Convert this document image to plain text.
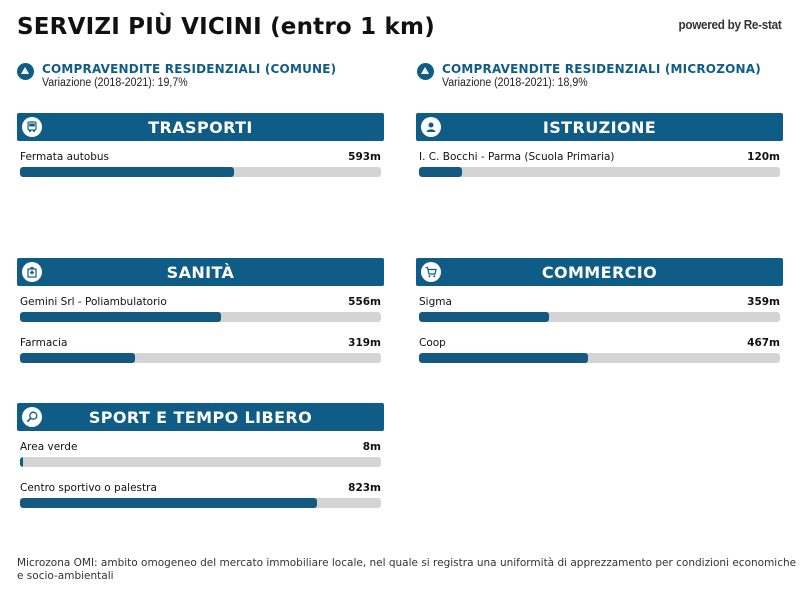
SERVIZI PIÙ VICINI (entro 1 km)	powered by Re-stat
COMPRAVENDITE RESIDENZIALI (COMUNE)
Variazione (2018-2021): 19,7%
COMPRAVENDITE RESIDENZIALI (MICROZONA)
Variazione (2018-2021): 18,9%
TRASPORTI
Fermata autobus	593m
ISTRUZIONE
I. C. Bocchi - Parma (Scuola Primaria)	120m
SANITÀ
Gemini Srl - Poliambulatorio	556m
Farmacia	319m
COMMERCIO
Sigma	359m
Coop	467m
SPORT E TEMPO LIBERO
Area verde	8m
Centro sportivo o palestra	823m
Microzona OMI: ambito omogeneo del mercato immobiliare locale, nel quale si registra una uniformità di apprezzamento per condizioni economiche e socio-ambientali
